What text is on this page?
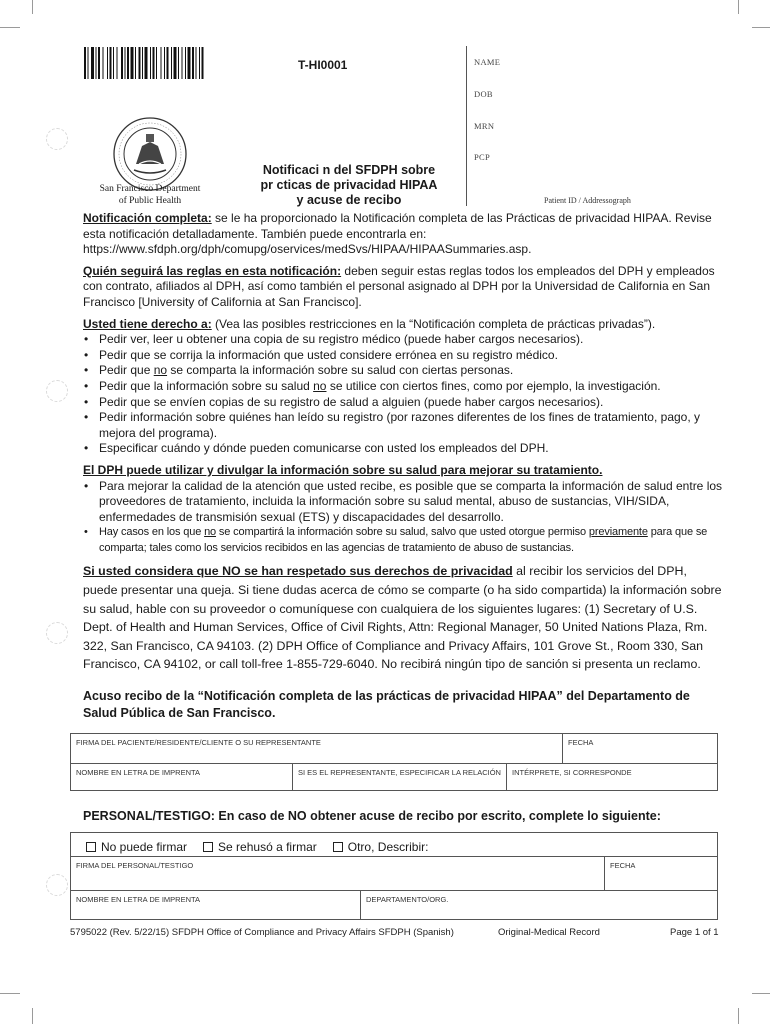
T-HI0001
San Francisco Department
of Public Health
Notificaci n del SFDPH sobre
pr cticas de privacidad HIPAA
y acuse de recibo
NAME
DOB
MRN
PCP
Patient ID / Addressograph

Notificación completa: se le ha proporcionado la Notificación completa de las Prácticas de privacidad HIPAA. Revise esta notificación detalladamente. También puede encontrarla en: https://www.sfdph.org/dph/comupg/oservices/medSvs/HIPAA/HIPAASummaries.asp.

Quién seguirá las reglas en esta notificación: deben seguir estas reglas todos los empleados del DPH y empleados con contrato, afiliados al DPH, así como también el personal asignado al DPH por la Universidad de California en San Francisco [University of California at San Francisco].

Usted tiene derecho a: (Vea las posibles restricciones en la “Notificación completa de prácticas privadas”).
• Pedir ver, leer u obtener una copia de su registro médico (puede haber cargos necesarios).
• Pedir que se corrija la información que usted considere errónea en su registro médico.
• Pedir que no se comparta la información sobre su salud con ciertas personas.
• Pedir que la información sobre su salud no se utilice con ciertos fines, como por ejemplo, la investigación.
• Pedir que se envíen copias de su registro de salud a alguien (puede haber cargos necesarios).
• Pedir información sobre quiénes han leído su registro (por razones diferentes de los fines de tratamiento, pago, y mejora del programa).
• Especificar cuándo y dónde pueden comunicarse con usted los empleados del DPH.
El DPH puede utilizar y divulgar la información sobre su salud para mejorar su tratamiento.
• Para mejorar la calidad de la atención que usted recibe, es posible que se comparta la información de salud entre los proveedores de tratamiento, incluida la información sobre su salud mental, abuso de sustancias, VIH/SIDA, enfermedades de transmisión sexual (ETS) y discapacidades del desarrollo.
• Hay casos en los que no se compartirá la información sobre su salud, salvo que usted otorgue permiso previamente para que se comparta; tales como los servicios recibidos en las agencias de tratamiento de abuso de sustancias.

Si usted considera que NO se han respetado sus derechos de privacidad al recibir los servicios del DPH, puede presentar una queja. Si tiene dudas acerca de cómo se comparte (o ha sido compartida) la información sobre su salud, hable con su proveedor o comuníquese con cualquiera de los siguientes lugares: (1) Secretary of U.S. Dept. of Health and Human Services, Office of Civil Rights, Attn: Regional Manager, 50 United Nations Plaza, Rm. 322, San Francisco, CA 94103. (2) DPH Office of Compliance and Privacy Affairs, 101 Grove St., Room 330, San Francisco, CA 94102, or call toll-free 1-855-729-6040. No recibirá ningún tipo de sanción si presenta un reclamo.

Acuso recibo de la “Notificación completa de las prácticas de privacidad HIPAA” del Departamento de Salud Pública de San Francisco.
FIRMA DEL PACIENTE/RESIDENTE/CLIENTE O SU REPRESENTANTE	FECHA
NOMBRE EN LETRA DE IMPRENTA	SI ES EL REPRESENTANTE, ESPECIFICAR LA RELACIÓN	INTÉRPRETE, SI CORRESPONDE
PERSONAL/TESTIGO: En caso de NO obtener acuse de recibo por escrito, complete lo siguiente:
FIRMA DEL PERSONAL/TESTIGO	FECHA
NOMBRE EN LETRA DE IMPRENTA	DEPARTAMENTO/ORG.
No puede firmar	Se rehusó a firmar	Otro, Describir:
5795022 (Rev. 5/22/15) SFDPH Office of Compliance and Privacy Affairs SFDPH (Spanish)	Original-Medical Record	Page 1 of 1
